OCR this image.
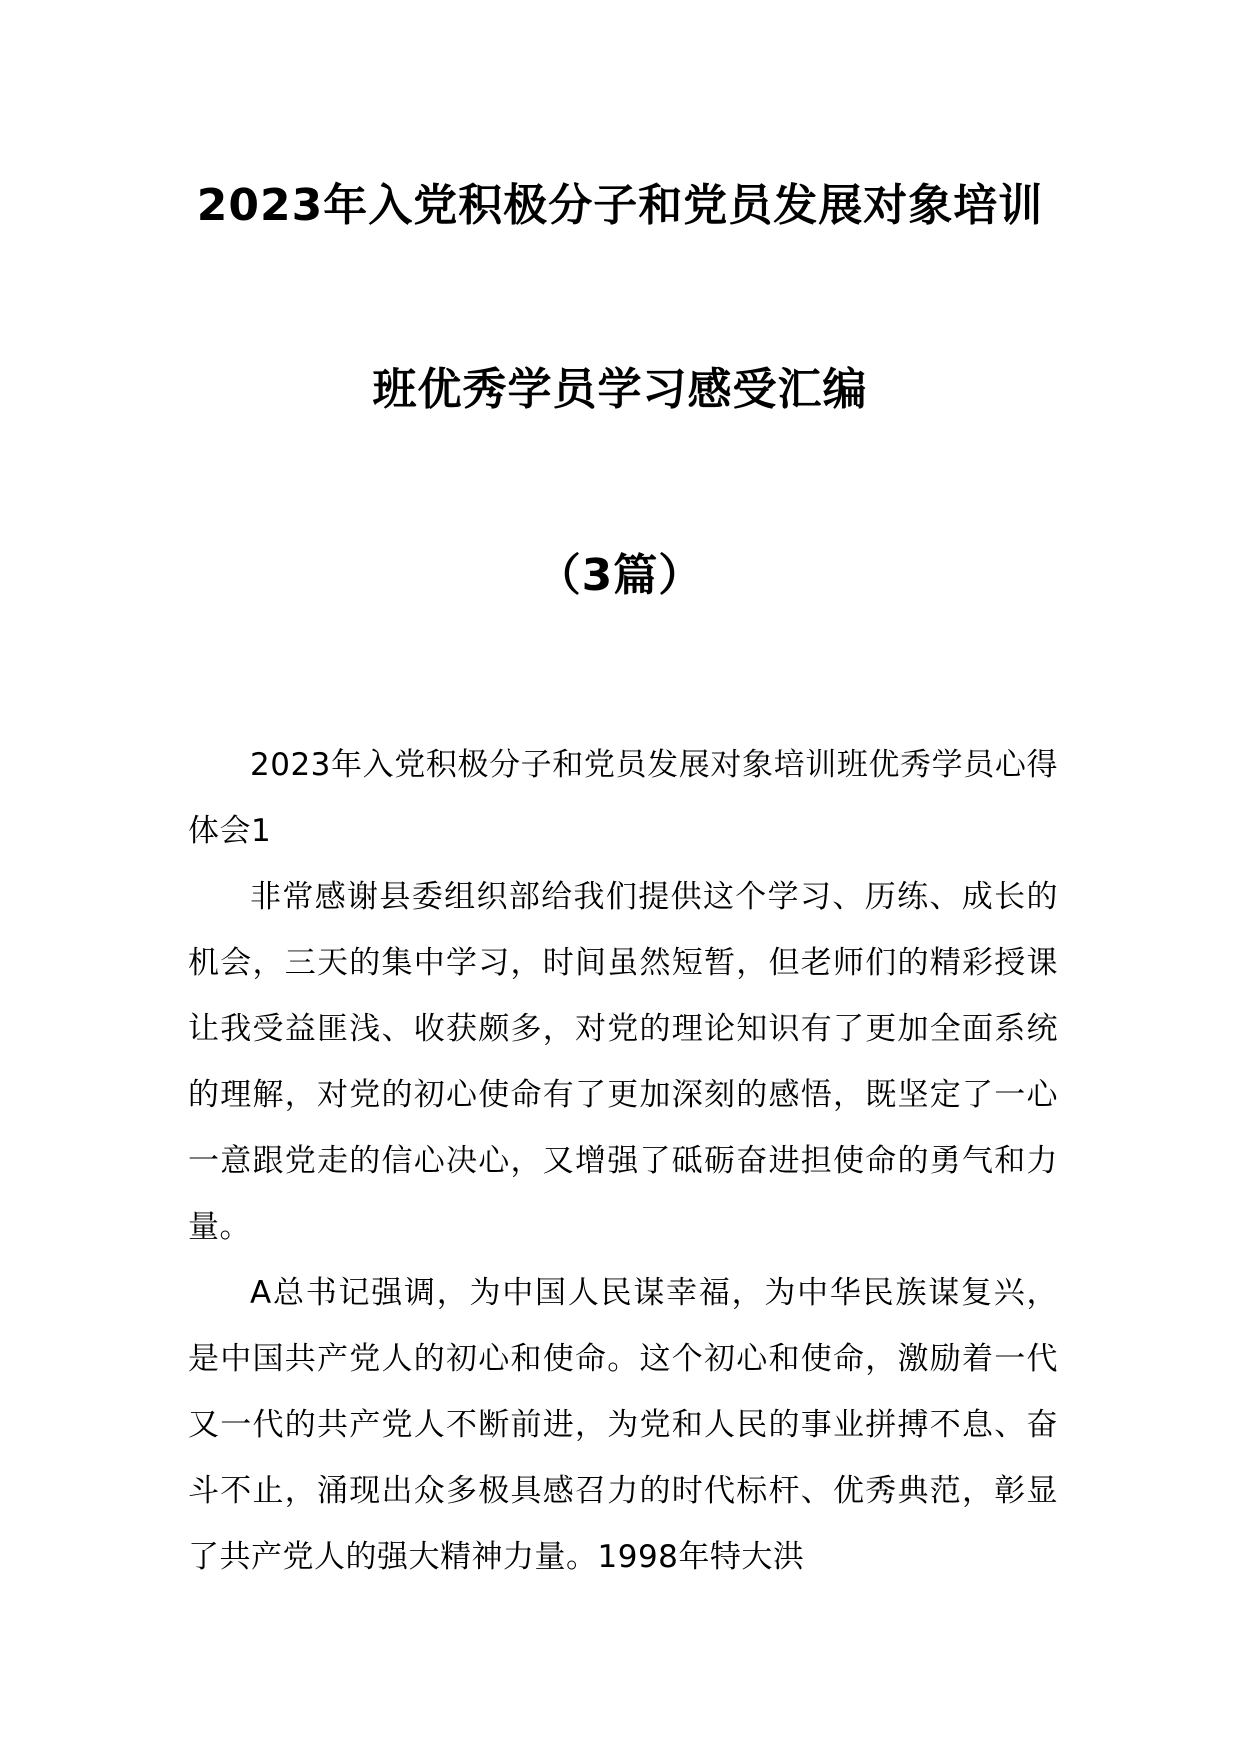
2023年入党积极分子和党员发展对象培训
班优秀学员学习感受汇编
（3篇）

2023年入党积极分子和党员发展对象培训班优秀学员心得体会1

非常感谢县委组织部给我们提供这个学习、历练、成长的机会，三天的集中学习，时间虽然短暂，但老师们的精彩授课让我受益匪浅、收获颇多，对党的理论知识有了更加全面系统的理解，对党的初心使命有了更加深刻的感悟，既坚定了一心一意跟党走的信心决心，又增强了砥砺奋进担使命的勇气和力量。

A总书记强调，为中国人民谋幸福，为中华民族谋复兴，是中国共产党人的初心和使命。这个初心和使命，激励着一代又一代的共产党人不断前进，为党和人民的事业拼搏不息、奋斗不止，涌现出众多极具感召力的时代标杆、优秀典范，彰显了共产党人的强大精神力量。1998年特大洪
